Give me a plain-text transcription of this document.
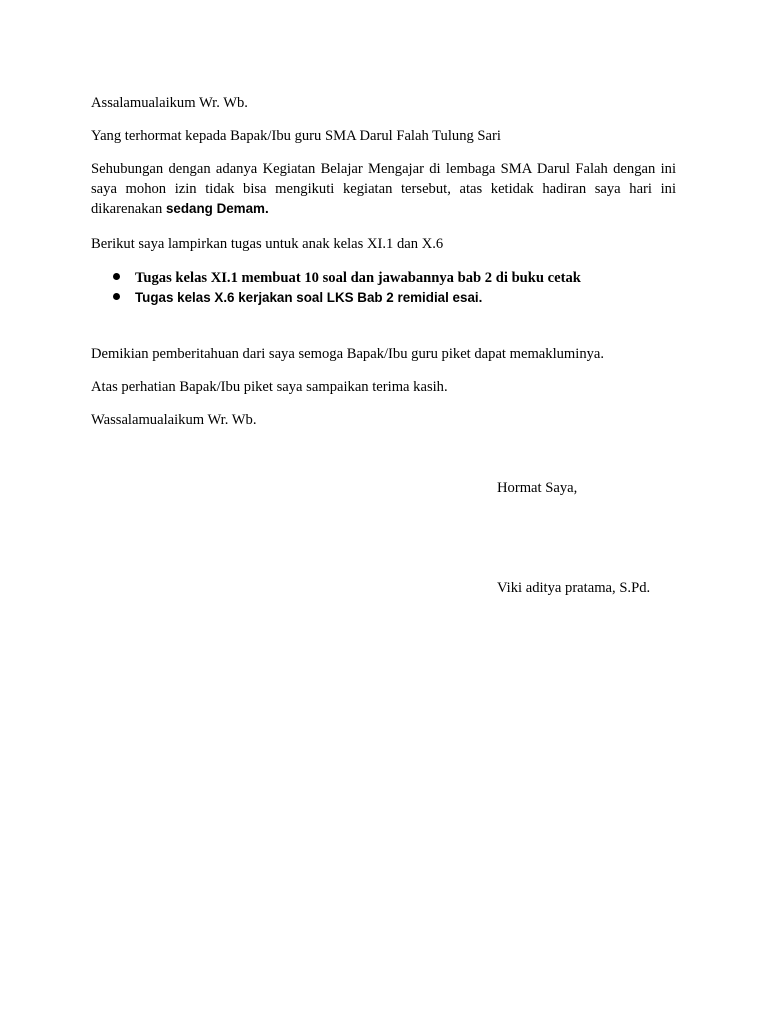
Assalamualaikum Wr. Wb.

Yang terhormat kepada Bapak/Ibu guru SMA Darul Falah Tulung Sari

Sehubungan dengan adanya Kegiatan Belajar Mengajar di lembaga SMA Darul Falah dengan ini saya mohon izin tidak bisa mengikuti kegiatan tersebut, atas ketidak hadiran saya hari ini dikarenakan sedang Demam.

Berikut saya lampirkan tugas untuk anak kelas XI.1 dan X.6

Tugas kelas XI.1 membuat 10 soal dan jawabannya bab 2 di buku cetak
Tugas kelas X.6 kerjakan soal LKS Bab 2 remidial esai.

Demikian pemberitahuan dari saya semoga Bapak/Ibu guru piket dapat memakluminya.

Atas perhatian Bapak/Ibu piket saya sampaikan terima kasih.

Wassalamualaikum Wr. Wb.

Hormat Saya,

Viki aditya pratama, S.Pd.
